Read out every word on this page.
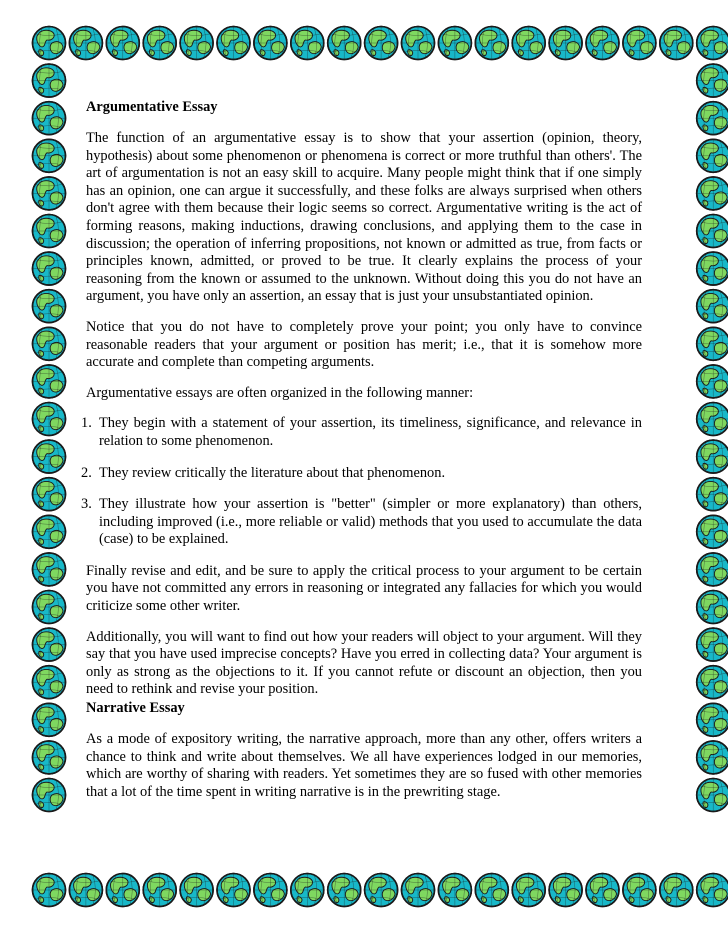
Argumentative Essay

The function of an argumentative essay is to show that your assertion (opinion, theory, hypothesis) about some phenomenon or phenomena is correct or more truthful than others'. The art of argumentation is not an easy skill to acquire. Many people might think that if one simply has an opinion, one can argue it successfully, and these folks are always surprised when others don't agree with them because their logic seems so correct. Argumentative writing is the act of forming reasons, making inductions, drawing conclusions, and applying them to the case in discussion; the operation of inferring propositions, not known or admitted as true, from facts or principles known, admitted, or proved to be true. It clearly explains the process of your reasoning from the known or assumed to the unknown. Without doing this you do not have an argument, you have only an assertion, an essay that is just your unsubstantiated opinion.

Notice that you do not have to completely prove your point; you only have to convince reasonable readers that your argument or position has merit; i.e., that it is somehow more accurate and complete than competing arguments.

Argumentative essays are often organized in the following manner:

1. They begin with a statement of your assertion, its timeliness, significance, and relevance in relation to some phenomenon.
2. They review critically the literature about that phenomenon.
3. They illustrate how your assertion is "better" (simpler or more explanatory) than others, including improved (i.e., more reliable or valid) methods that you used to accumulate the data (case) to be explained.

Finally revise and edit, and be sure to apply the critical process to your argument to be certain you have not committed any errors in reasoning or integrated any fallacies for which you would criticize some other writer.

Additionally, you will want to find out how your readers will object to your argument. Will they say that you have used imprecise concepts? Have you erred in collecting data? Your argument is only as strong as the objections to it. If you cannot refute or discount an objection, then you need to rethink and revise your position.

Narrative Essay

As a mode of expository writing, the narrative approach, more than any other, offers writers a chance to think and write about themselves. We all have experiences lodged in our memories, which are worthy of sharing with readers. Yet sometimes they are so fused with other memories that a lot of the time spent in writing narrative is in the prewriting stage.
